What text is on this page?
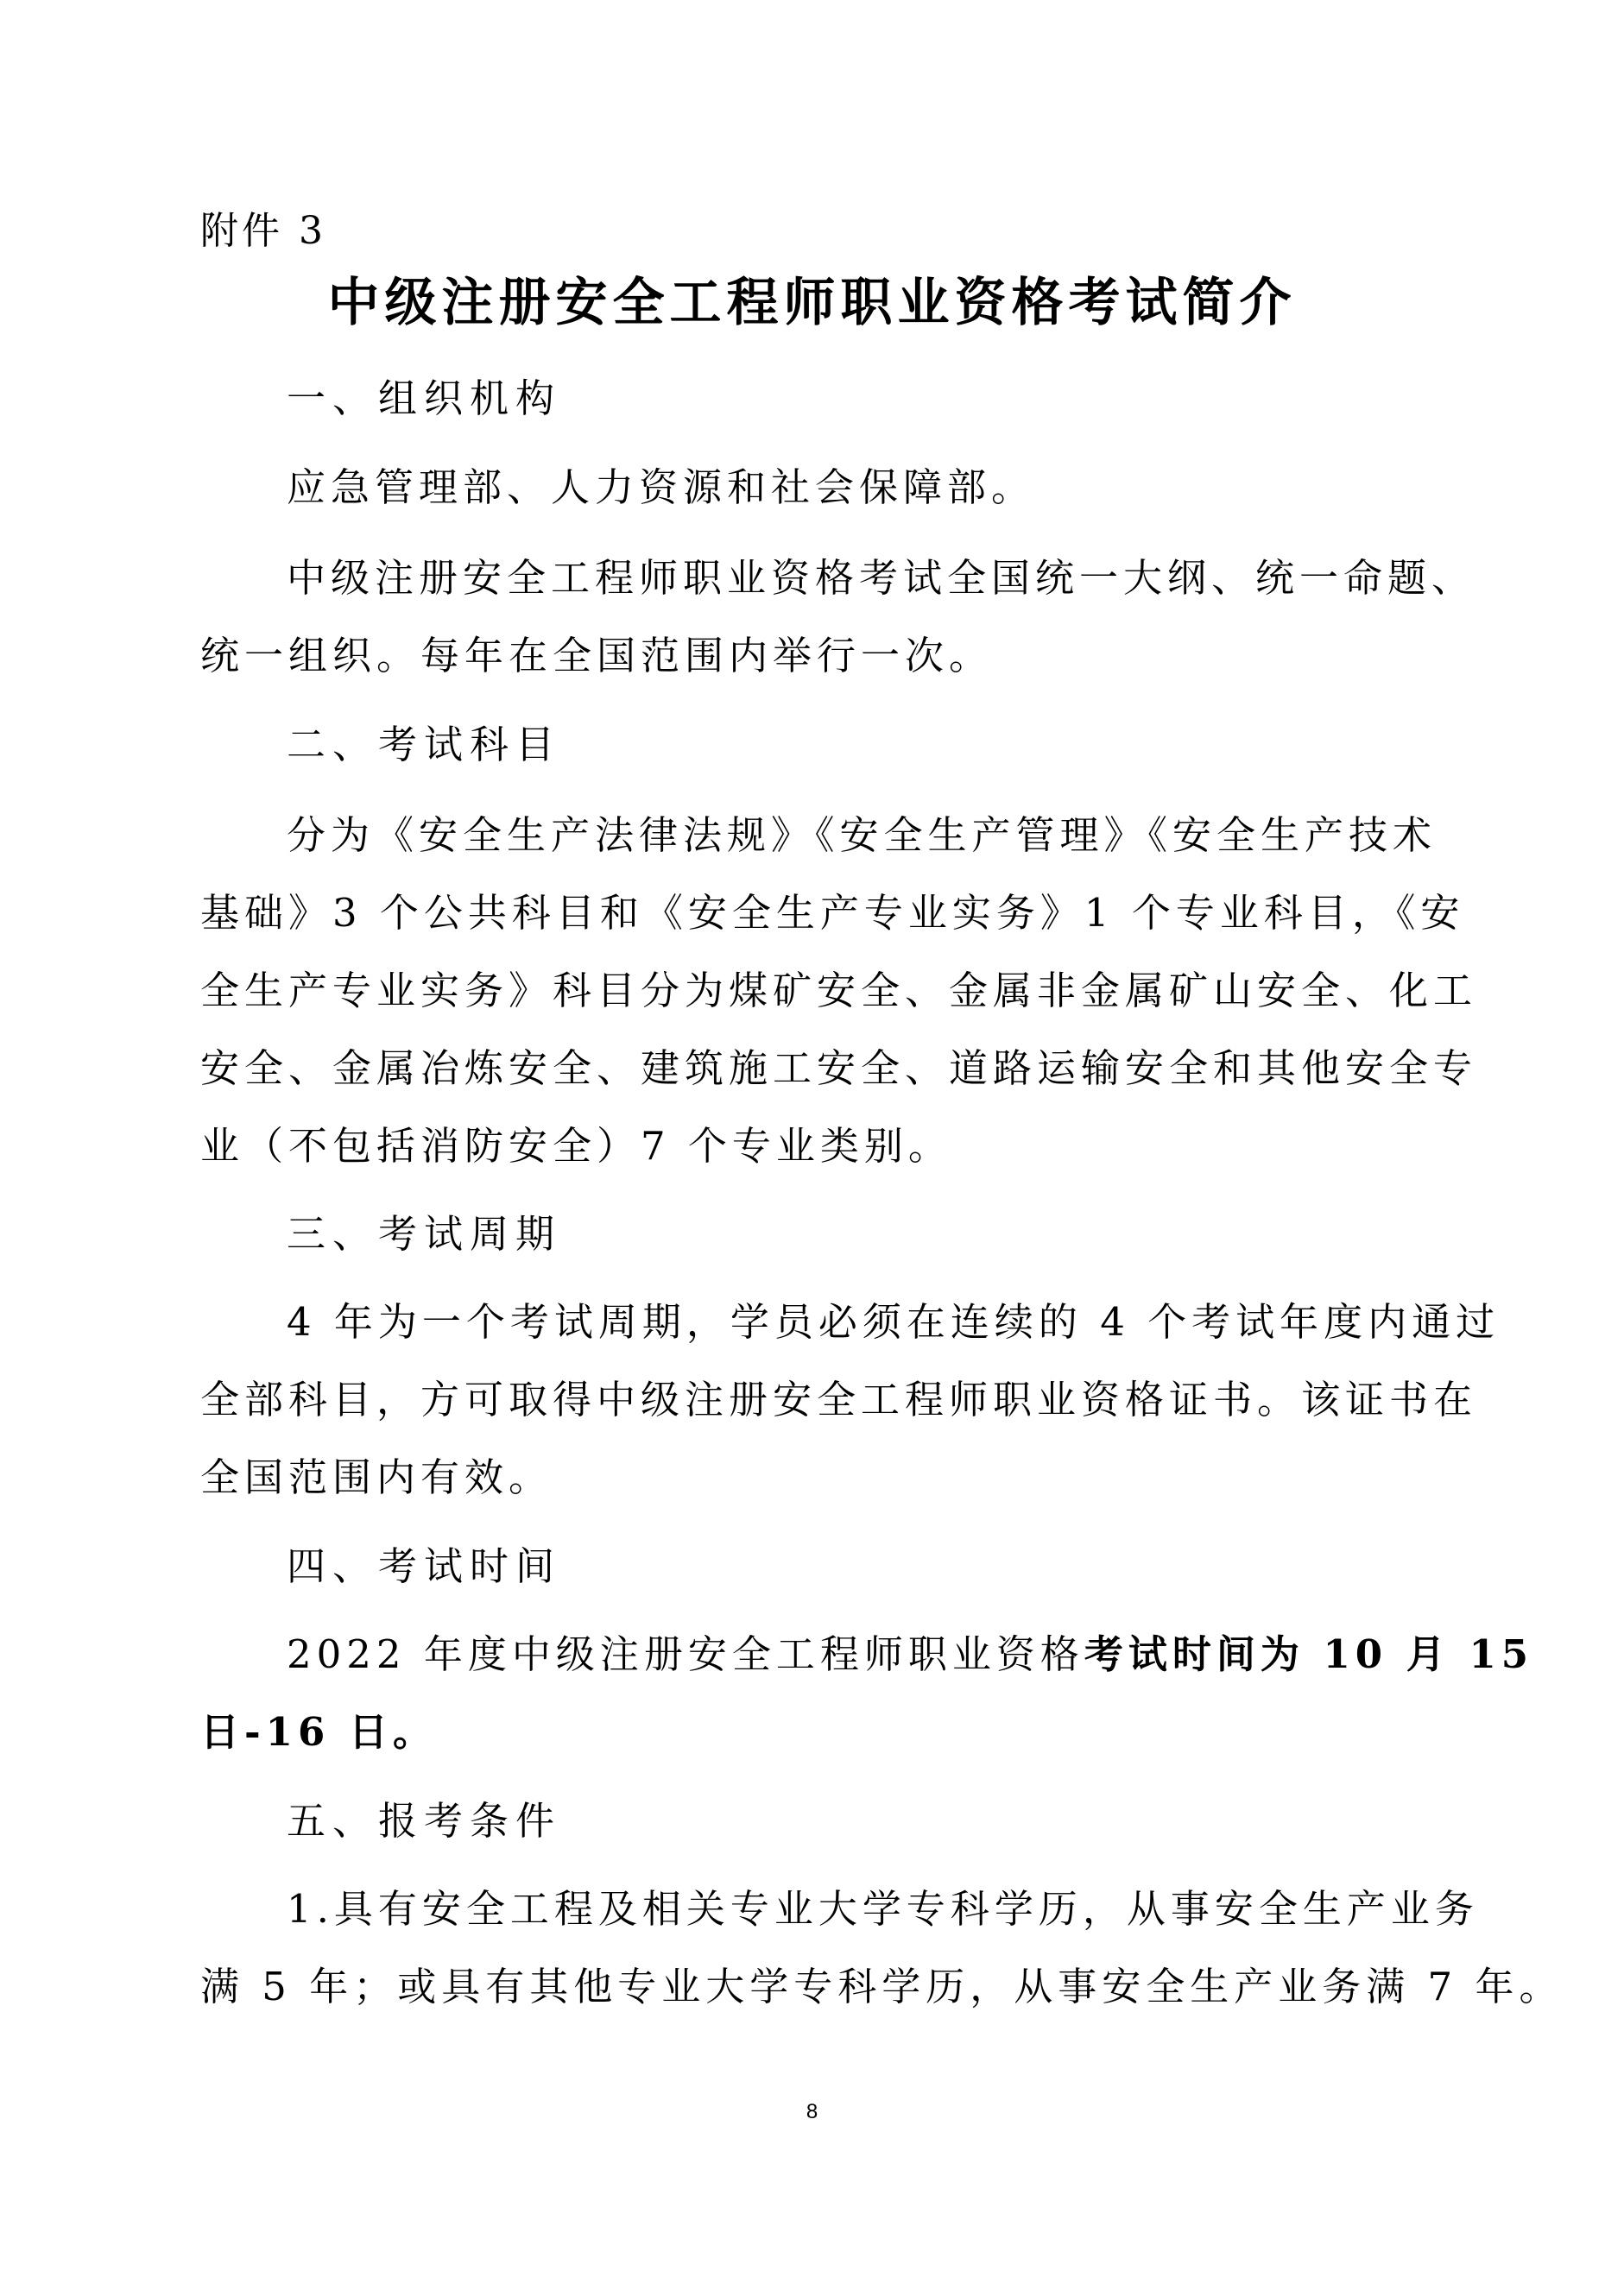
附件 3
中级注册安全工程师职业资格考试简介
一、组织机构
应急管理部、人力资源和社会保障部。
中级注册安全工程师职业资格考试全国统一大纲、统一命题、
统一组织。每年在全国范围内举行一次。
二、考试科目
分为《安全生产法律法规》《安全生产管理》《安全生产技术
基础》3 个公共科目和《安全生产专业实务》1 个专业科目，《安
全生产专业实务》科目分为煤矿安全、金属非金属矿山安全、化工
安全、金属冶炼安全、建筑施工安全、道路运输安全和其他安全专
业（不包括消防安全）7 个专业类别。
三、考试周期
4 年为一个考试周期，学员必须在连续的 4 个考试年度内通过
全部科目，方可取得中级注册安全工程师职业资格证书。该证书在
全国范围内有效。
四、考试时间
2022 年度中级注册安全工程师职业资格考试时间为 10 月 15
日-16 日。
五、报考条件
1.具有安全工程及相关专业大学专科学历，从事安全生产业务
满 5 年；或具有其他专业大学专科学历，从事安全生产业务满 7 年。
8
